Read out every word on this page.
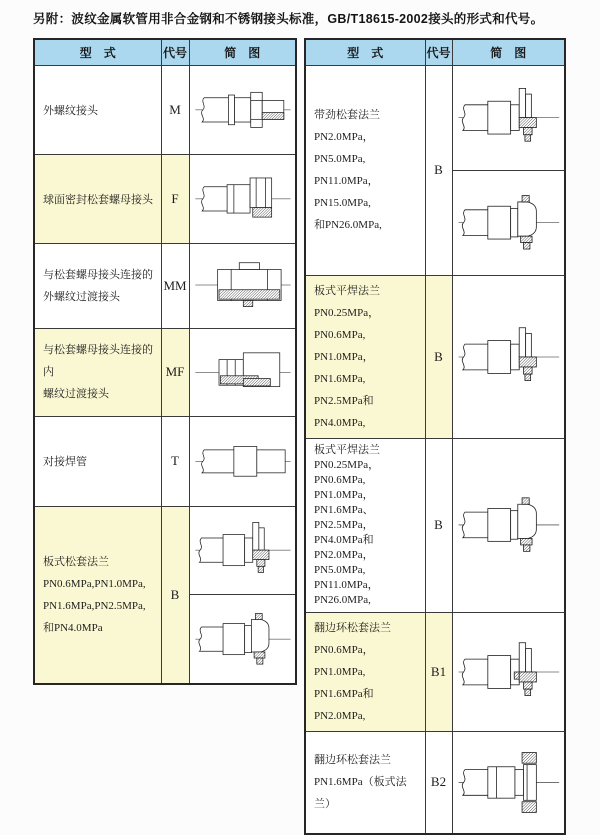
另附：波纹金属软管用非合金钢和不锈钢接头标准，GB/T18615-2002接头的形式和代号。
型　式	代号	简　图
外螺纹接头	M	

球面密封松套螺母接头	F	

与松套螺母接头连接的
外螺纹过渡接头	MM	

与松套螺母接头连接的内
螺纹过渡接头	MF	

对接焊管	T	

板式松套法兰
PN0.6MPa,PN1.0MPa,
PN1.6MPa,PN2.5MPa,
和PN4.0MPa	B	
型　式	代号	简　图
带劲松套法兰
PN2.0MPa，PN5.0MPa,
PN11.0MPa，PN15.0MPa,
和PN26.0MPa,	B	

板式平焊法兰
PN0.25MPa，PN0.6MPa,
PN1.0MPa，PN1.6MPa,
PN2.5MPa和PN4.0MPa,	B	

板式平焊法兰
PN0.25MPa，PN0.6MPa,
PN1.0MPa，PN1.6MPa、
PN2.5MPa，PN4.0MPa和
PN2.0MPa，PN5.0MPa,
PN11.0MPa，PN26.0MPa,	B	

翻边环松套法兰
PN0.6MPa，PN1.0MPa,
PN1.6MPa和PN2.0MPa,	B1	

翻边环松套法兰
PN1.6MPa（板式法兰）	B2	
